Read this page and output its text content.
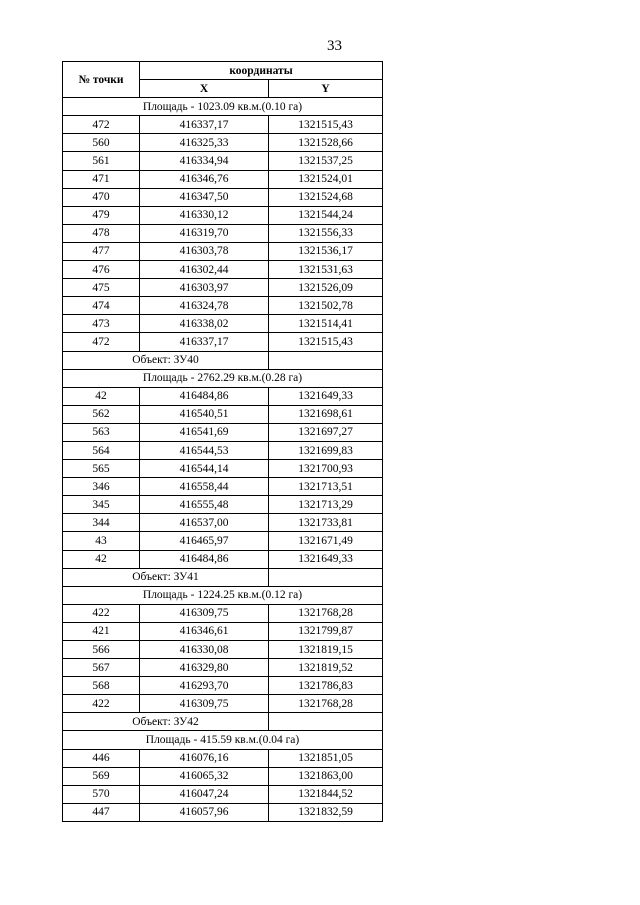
33
№ точки	координаты	
	X	Y
Площадь - 1023.09 кв.м.(0.10 га)		
472	416337,17	1321515,43
560	416325,33	1321528,66
561	416334,94	1321537,25
471	416346,76	1321524,01
470	416347,50	1321524,68
479	416330,12	1321544,24
478	416319,70	1321556,33
477	416303,78	1321536,17
476	416302,44	1321531,63
475	416303,97	1321526,09
474	416324,78	1321502,78
473	416338,02	1321514,41
472	416337,17	1321515,43
Объект: ЗУ40		
Площадь - 2762.29 кв.м.(0.28 га)		
42	416484,86	1321649,33
562	416540,51	1321698,61
563	416541,69	1321697,27
564	416544,53	1321699,83
565	416544,14	1321700,93
346	416558,44	1321713,51
345	416555,48	1321713,29
344	416537,00	1321733,81
43	416465,97	1321671,49
42	416484,86	1321649,33
Объект: ЗУ41		
Площадь - 1224.25 кв.м.(0.12 га)		
422	416309,75	1321768,28
421	416346,61	1321799,87
566	416330,08	1321819,15
567	416329,80	1321819,52
568	416293,70	1321786,83
422	416309,75	1321768,28
Объект: ЗУ42		
Площадь - 415.59 кв.м.(0.04 га)		
446	416076,16	1321851,05
569	416065,32	1321863,00
570	416047,24	1321844,52
447	416057,96	1321832,59
